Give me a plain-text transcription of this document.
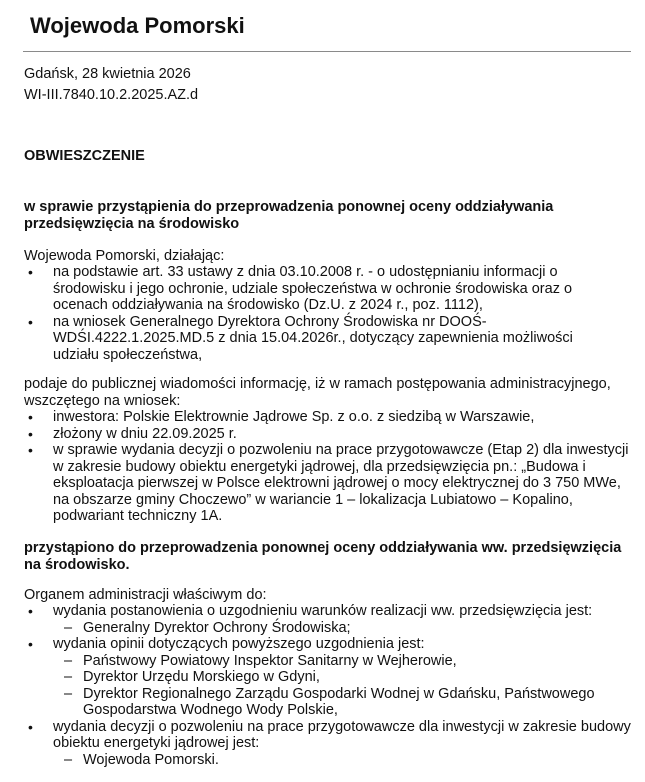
Wojewoda Pomorski
Gdańsk, 28 kwietnia 2026
WI-III.7840.10.2.2025.AZ.d
OBWIESZCZENIE
w sprawie przystąpienia do przeprowadzenia ponownej oceny oddziaływania przedsięwzięcia na środowisko
Wojewoda Pomorski, działając:
• na podstawie art. 33 ustawy z dnia 03.10.2008 r. - o udostępnianiu informacji o środowisku i jego ochronie, udziale społeczeństwa w ochronie środowiska oraz o ocenach oddziaływania na środowisko (Dz.U. z 2024 r., poz. 1112),
• na wniosek Generalnego Dyrektora Ochrony Środowiska nr DOOŚ-WDŚI.4222.1.2025.MD.5 z dnia 15.04.2026r., dotyczący zapewnienia możliwości udziału społeczeństwa,
podaje do publicznej wiadomości informację, iż w ramach postępowania administracyjnego, wszczętego na wniosek:
• inwestora: Polskie Elektrownie Jądrowe Sp. z o.o. z siedzibą w Warszawie,
• złożony w dniu 22.09.2025 r.
• w sprawie wydania decyzji o pozwoleniu na prace przygotowawcze (Etap 2) dla inwestycji w zakresie budowy obiektu energetyki jądrowej, dla przedsięwzięcia pn.: „Budowa i eksploatacja pierwszej w Polsce elektrowni jądrowej o mocy elektrycznej do 3 750 MWe, na obszarze gminy Choczewo” w wariancie 1 – lokalizacja Lubiatowo – Kopalino, podwariant techniczny 1A.
przystąpiono do przeprowadzenia ponownej oceny oddziaływania ww. przedsięwzięcia na środowisko.
Organem administracji właściwym do:
• wydania postanowienia o uzgodnieniu warunków realizacji ww. przedsięwzięcia jest:
– Generalny Dyrektor Ochrony Środowiska;
• wydania opinii dotyczących powyższego uzgodnienia jest:
– Państwowy Powiatowy Inspektor Sanitarny w Wejherowie,
– Dyrektor Urzędu Morskiego w Gdyni,
– Dyrektor Regionalnego Zarządu Gospodarki Wodnej w Gdańsku, Państwowego Gospodarstwa Wodnego Wody Polskie,
• wydania decyzji o pozwoleniu na prace przygotowawcze dla inwestycji w zakresie budowy obiektu energetyki jądrowej jest:
– Wojewoda Pomorski.
